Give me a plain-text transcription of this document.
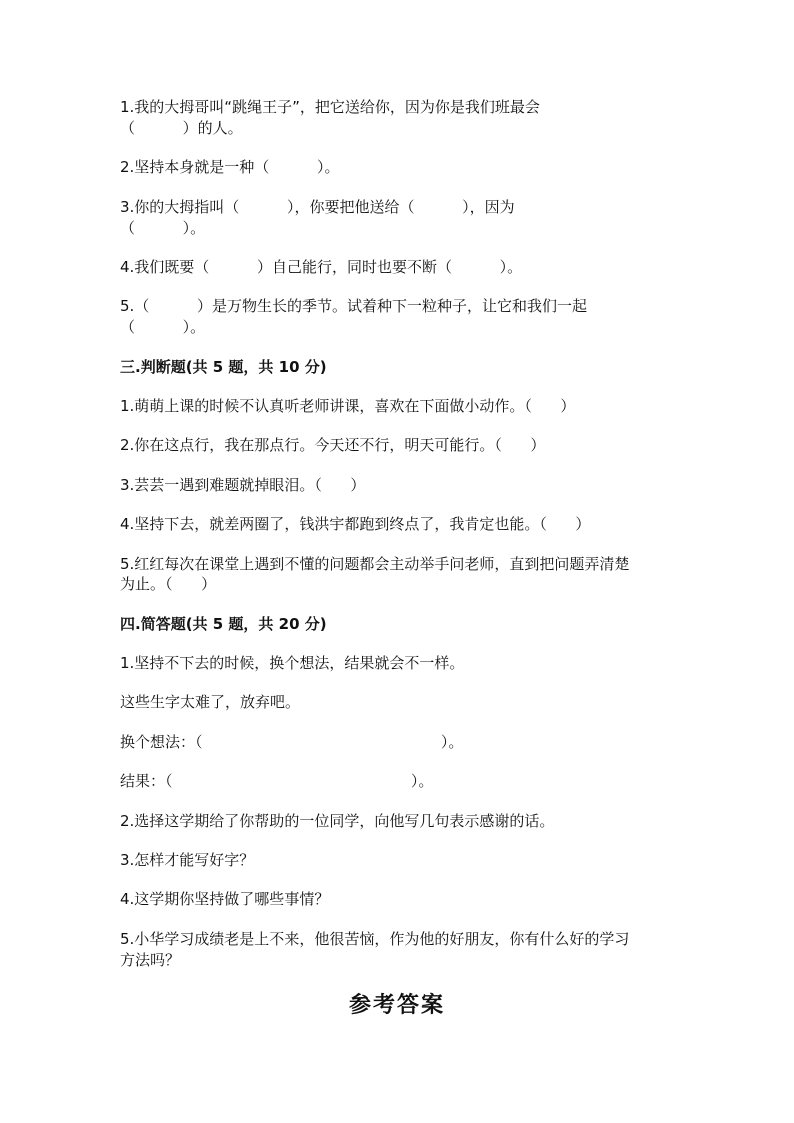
1.我的大拇哥叫“跳绳王子”，把它送给你，因为你是我们班最会
（          ）的人。
2.坚持本身就是一种（          ）。
3.你的大拇指叫（          ），你要把他送给（          ），因为
（          ）。
4.我们既要（          ）自己能行，同时也要不断（          ）。
5.（          ）是万物生长的季节。试着种下一粒种子，让它和我们一起
（          ）。
三.判断题(共 5 题，共 10 分)
1.萌萌上课的时候不认真听老师讲课，喜欢在下面做小动作。（      ）
2.你在这点行，我在那点行。今天还不行，明天可能行。（      ）
3.芸芸一遇到难题就掉眼泪。（      ）
4.坚持下去，就差两圈了，钱洪宇都跑到终点了，我肯定也能。（      ）
5.红红每次在课堂上遇到不懂的问题都会主动举手问老师，直到把问题弄清楚
为止。（      ）
四.简答题(共 5 题，共 20 分)
1.坚持不下去的时候，换个想法，结果就会不一样。
这些生字太难了，放弃吧。
换个想法：（                                                  ）。
结果：（                                                  ）。
2.选择这学期给了你帮助的一位同学，向他写几句表示感谢的话。
3.怎样才能写好字？
4.这学期你坚持做了哪些事情？
5.小华学习成绩老是上不来，他很苦恼，作为他的好朋友，你有什么好的学习
方法吗？
参考答案
